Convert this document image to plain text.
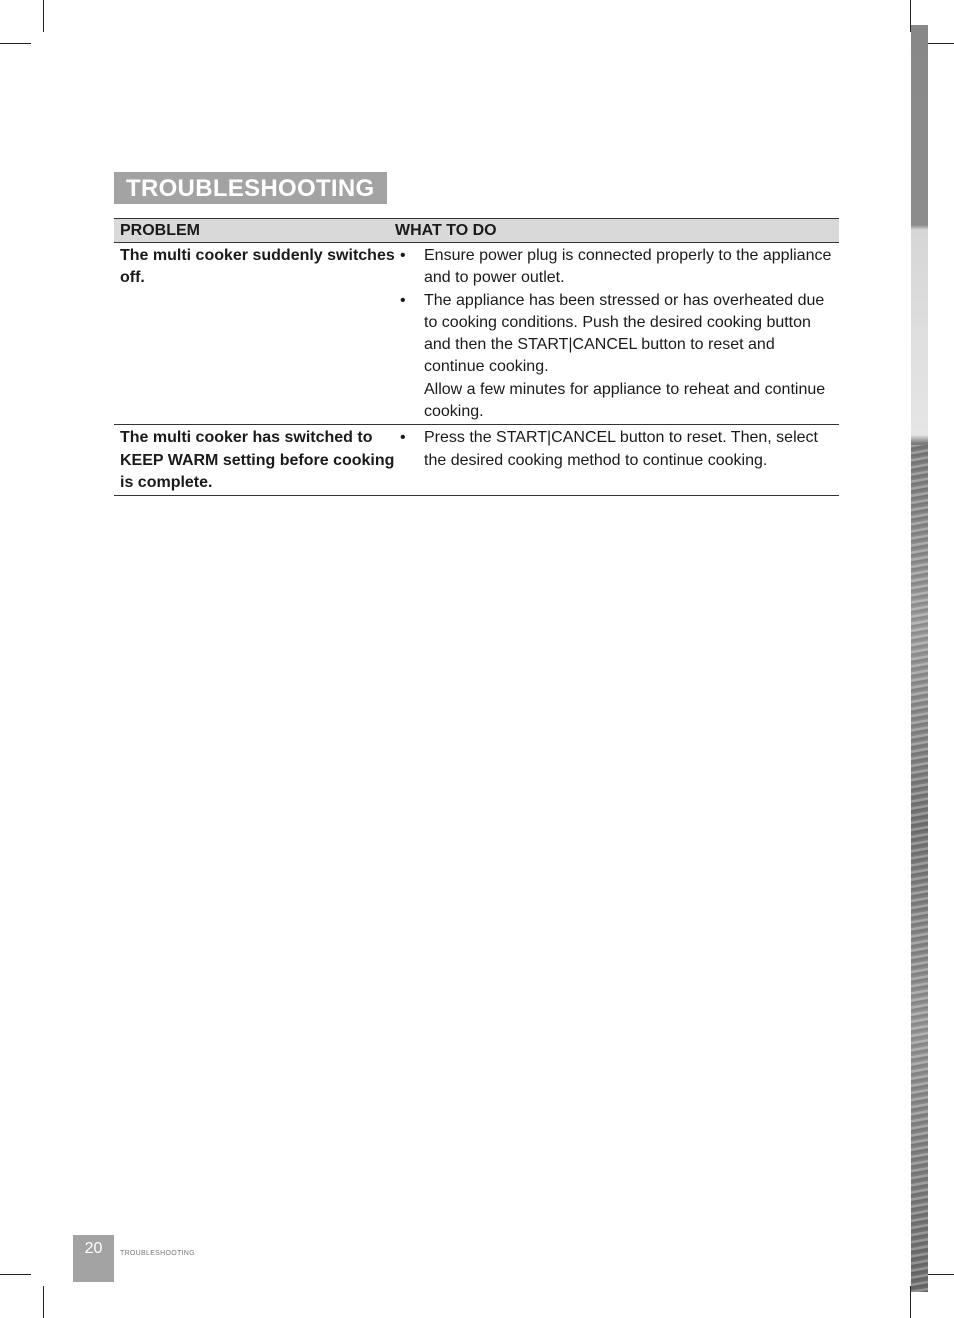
TROUBLESHOOTING
PROBLEM	WHAT TO DO
The multi cooker suddenly switches off.
•	Ensure power plug is connected properly to the appliance and to power outlet.
•	The appliance has been stressed or has overheated due to cooking conditions. Push the desired cooking button and then the START|CANCEL button to reset and continue cooking.
Allow a few minutes for appliance to reheat and continue cooking.
The multi cooker has switched to KEEP WARM setting before cooking is complete.
•	Press the START|CANCEL button to reset. Then, select the desired cooking method to continue cooking.
20	TROUBLESHOOTING
